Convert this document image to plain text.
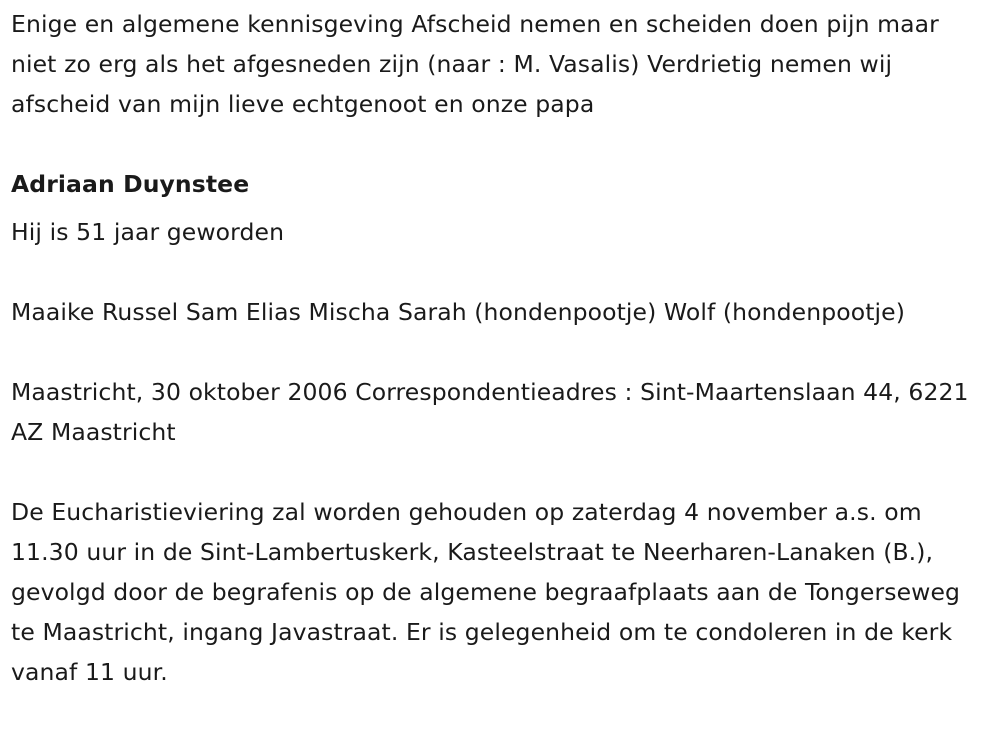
Enige en algemene kennisgeving Afscheid nemen en scheiden doen pijn maar niet zo erg als het afgesneden zijn (naar : M. Vasalis) Verdrietig nemen wij afscheid van mijn lieve echtgenoot en onze papa

Adriaan Duynstee

Hij is 51 jaar geworden

Maaike Russel Sam Elias Mischa Sarah (hondenpootje) Wolf (hondenpootje)

Maastricht, 30 oktober 2006 Correspondentieadres : Sint-Maartenslaan 44, 6221 AZ Maastricht

De Eucharistieviering zal worden gehouden op zaterdag 4 november a.s. om 11.30 uur in de Sint-Lambertuskerk, Kasteelstraat te Neerharen-Lanaken (B.), gevolgd door de begrafenis op de algemene begraafplaats aan de Tongerseweg te Maastricht, ingang Javastraat. Er is gelegenheid om te condoleren in de kerk vanaf 11 uur.
